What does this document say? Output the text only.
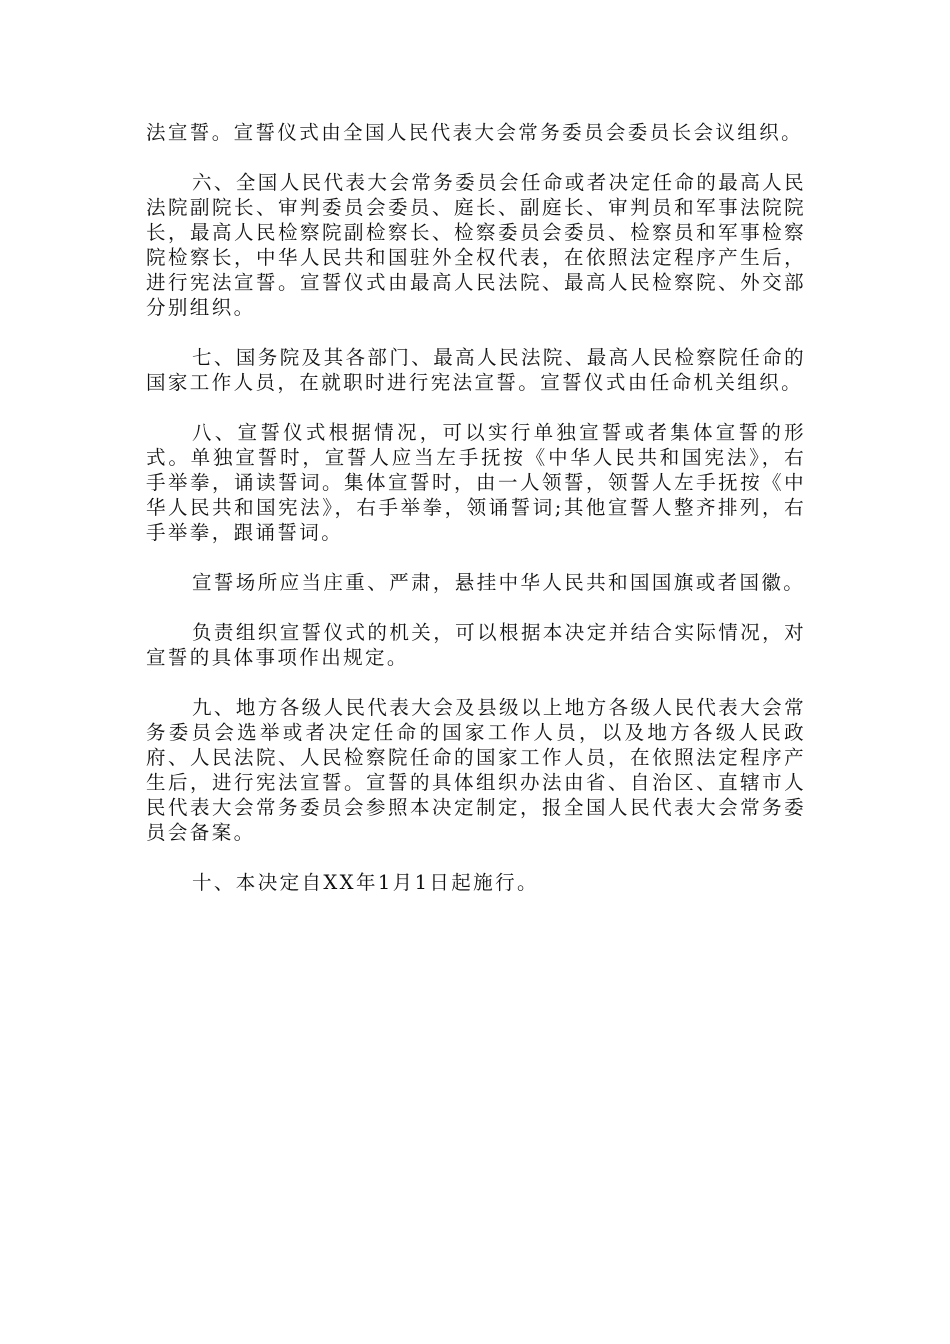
法宣誓。宣誓仪式由全国人民代表大会常务委员会委员长会议组织。

六、全国人民代表大会常务委员会任命或者决定任命的最高人民法院副院长、审判委员会委员、庭长、副庭长、审判员和军事法院院长，最高人民检察院副检察长、检察委员会委员、检察员和军事检察院检察长，中华人民共和国驻外全权代表，在依照法定程序产生后，进行宪法宣誓。宣誓仪式由最高人民法院、最高人民检察院、外交部分别组织。

七、国务院及其各部门、最高人民法院、最高人民检察院任命的国家工作人员，在就职时进行宪法宣誓。宣誓仪式由任命机关组织。

八、宣誓仪式根据情况，可以实行单独宣誓或者集体宣誓的形式。单独宣誓时，宣誓人应当左手抚按《中华人民共和国宪法》，右手举拳，诵读誓词。集体宣誓时，由一人领誓，领誓人左手抚按《中华人民共和国宪法》，右手举拳，领诵誓词;其他宣誓人整齐排列，右手举拳，跟诵誓词。

宣誓场所应当庄重、严肃，悬挂中华人民共和国国旗或者国徽。

负责组织宣誓仪式的机关，可以根据本决定并结合实际情况，对宣誓的具体事项作出规定。

九、地方各级人民代表大会及县级以上地方各级人民代表大会常务委员会选举或者决定任命的国家工作人员，以及地方各级人民政府、人民法院、人民检察院任命的国家工作人员，在依照法定程序产生后，进行宪法宣誓。宣誓的具体组织办法由省、自治区、直辖市人民代表大会常务委员会参照本决定制定，报全国人民代表大会常务委员会备案。

十、本决定自XX年1月1日起施行。
